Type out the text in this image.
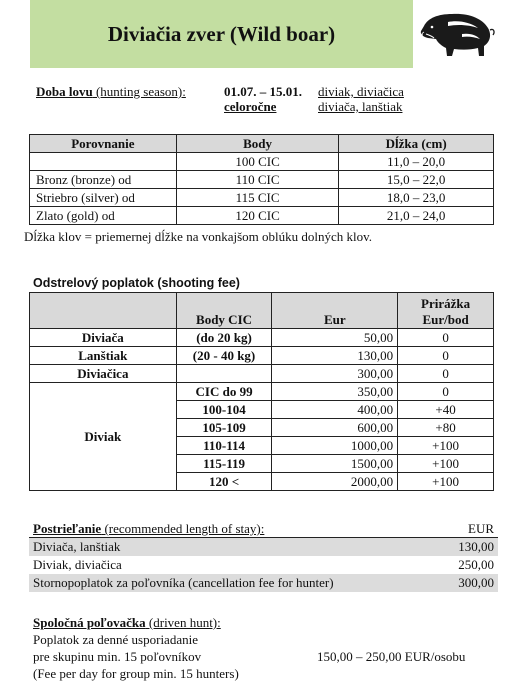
Diviačia zver (Wild boar)
Doba lovu (hunting season):	01.07. – 15.01.	diviak, diviačica
celoročne	diviača, lanštiak
Porovnanie	Body	Dĺžka (cm)
	100 CIC	11,0 – 20,0
Bronz (bronze) od	110 CIC	15,0 – 22,0
Striebro (silver) od	115 CIC	18,0 – 23,0
Zlato (gold) od	120 CIC	21,0 – 24,0
Dĺžka klov = priemernej dĺžke na vonkajšom oblúku dolných klov.
Odstrelový poplatok (shooting fee)
	Body CIC	Eur	Prirážka
Eur/bod
Diviača	(do 20 kg)	50,00	0
Lanštiak	(20 - 40 kg)	130,00	0
Diviačica		300,00	0
Diviak	CIC do 99	350,00	0
	100-104	400,00	+40
	105-109	600,00	+80
	110-114	1000,00	+100
	115-119	1500,00	+100
	120 <	2000,00	+100
Postrieľanie (recommended length of stay):	EUR
Diviača, lanštiak	130,00
Diviak, diviačica	250,00
Stornopoplatok za poľovníka (cancellation fee for hunter)	300,00
Spoločná poľovačka (driven hunt):
Poplatok za denné usporiadanie
pre skupinu min. 15 poľovníkov	150,00 – 250,00 EUR/osobu
(Fee per day for group min. 15 hunters)
